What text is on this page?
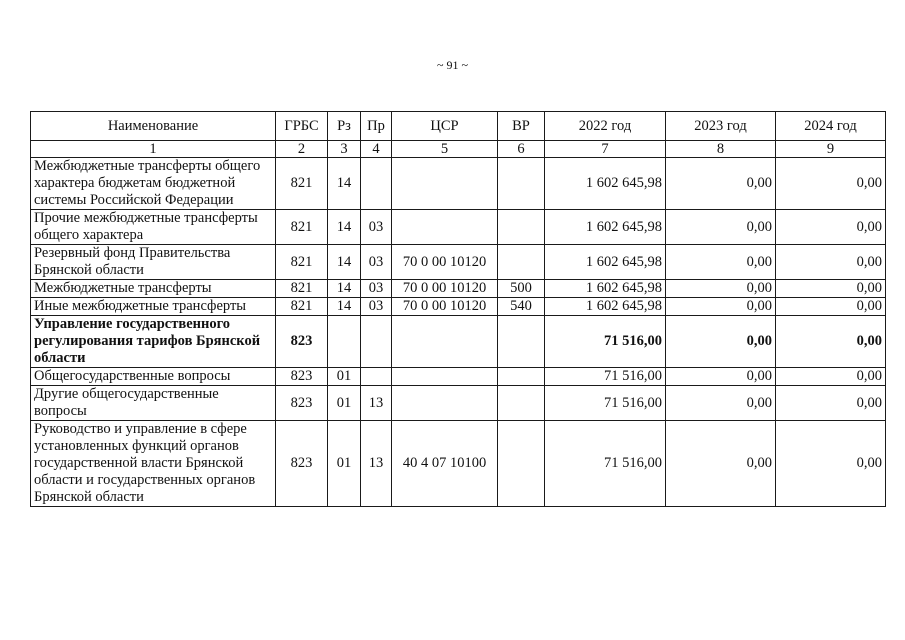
~ 91 ~
Наименование	ГРБС	Рз	Пр	ЦСР	ВР	2022 год	2023 год	2024 год
1	2	3	4	5	6	7	8	9
Межбюджетные трансферты общего характера бюджетам бюджетной системы Российской Федерации	821	14				1 602 645,98	0,00	0,00
Прочие межбюджетные трансферты общего характера	821	14	03			1 602 645,98	0,00	0,00
Резервный фонд Правительства Брянской области	821	14	03	70 0 00 10120		1 602 645,98	0,00	0,00
Межбюджетные трансферты	821	14	03	70 0 00 10120	500	1 602 645,98	0,00	0,00
Иные межбюджетные трансферты	821	14	03	70 0 00 10120	540	1 602 645,98	0,00	0,00
Управление государственного регулирования тарифов Брянской области	823					71 516,00	0,00	0,00
Общегосударственные вопросы	823	01				71 516,00	0,00	0,00
Другие общегосударственные вопросы	823	01	13			71 516,00	0,00	0,00
Руководство и управление в сфере установленных функций органов государственной власти Брянской области и государственных органов Брянской области	823	01	13	40 4 07 10100		71 516,00	0,00	0,00
